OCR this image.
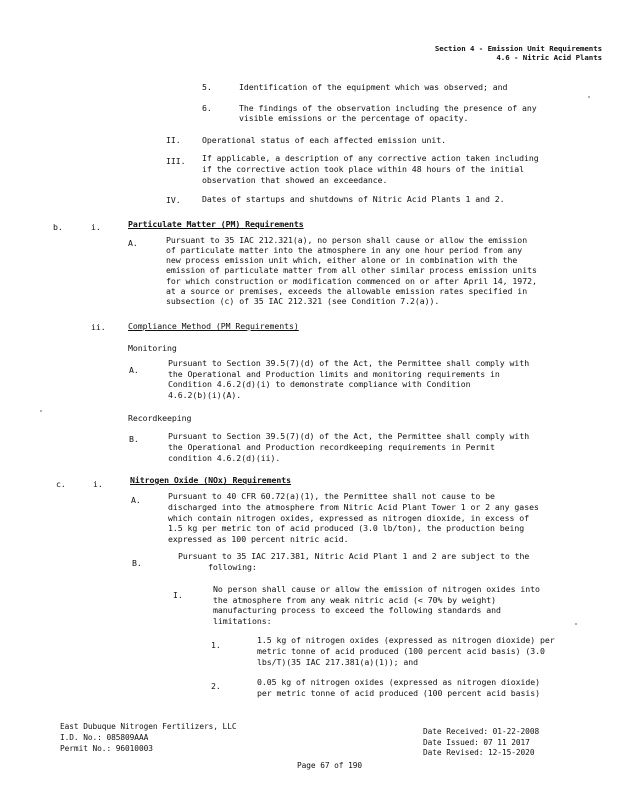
Section 4 - Emission Unit Requirements
4.6 - Nitric Acid Plants
5.	Identification of the equipment which was observed; and
6.	The findings of the observation including the presence of any
visible emissions or the percentage of opacity.
II.	Operational status of each affected emission unit.
III. If applicable, a description of any corrective action taken including
if the corrective action took place within 48 hours of the initial
observation that showed an exceedance.
IV.	Dates of startups and shutdowns of Nitric Acid Plants 1 and 2.
b.	i.	Particulate Matter (PM) Requirements
A.	Pursuant to 35 IAC 212.321(a), no person shall cause or allow the emission
of particulate matter into the atmosphere in any one hour period from any
new process emission unit which, either alone or in combination with the
emission of particulate matter from all other similar process emission units
for which construction or modification commenced on or after April 14, 1972,
at a source or premises, exceeds the allowable emission rates specified in
subsection (c) of 35 IAC 212.321 (see Condition 7.2(a)).
ii.	Compliance Method (PM Requirements)
Monitoring
A.
Pursuant to Section 39.5(7)(d) of the Act, the Permittee shall comply with
the Operational and Production limits and monitoring requirements in
Condition 4.6.2(d)(i) to demonstrate compliance with Condition
4.6.2(b)(i)(A).
Recordkeeping
B.	Pursuant to Section 39.5(7)(d) of the Act, the Permittee shall comply with
the Operational and Production recordkeeping requirements in Permit
condition 4.6.2(d)(ii).
c.	i.	Nitrogen Oxide (NOx) Requirements
A.	Pursuant to 40 CFR 60.72(a)(1), the Permittee shall not cause to be
discharged into the atmosphere from Nitric Acid Plant Tower 1 or 2 any gases
which contain nitrogen oxides, expressed as nitrogen dioxide, in excess of
1.5 kg per metric ton of acid produced (3.0 lb/ton), the production being
expressed as 100 percent nitric acid.
B.
Pursuant to 35 IAC 217.381, Nitric Acid Plant 1 and 2 are subject to the
following:
I.
No person shall cause or allow the emission of nitrogen oxides into
the atmosphere from any weak nitric acid (< 70% by weight)
manufacturing process to exceed the following standards and
limitations:
1.	1.5 kg of nitrogen oxides (expressed as nitrogen dioxide) per
metric tonne of acid produced (100 percent acid basis) (3.0
lbs/T)(35 IAC 217.381(a)(1)); and
2.	0.05 kg of nitrogen oxides (expressed as nitrogen dioxide)
per metric tonne of acid produced (100 percent acid basis)
East Dubuque Nitrogen Fertilizers, LLC
I.D. No.: 085809AAA
Permit No.: 96010003
Date Received: 01-22-2008
Date Issued: 07 11 2017
Date Revised: 12-15-2020
Page 67 of 190
